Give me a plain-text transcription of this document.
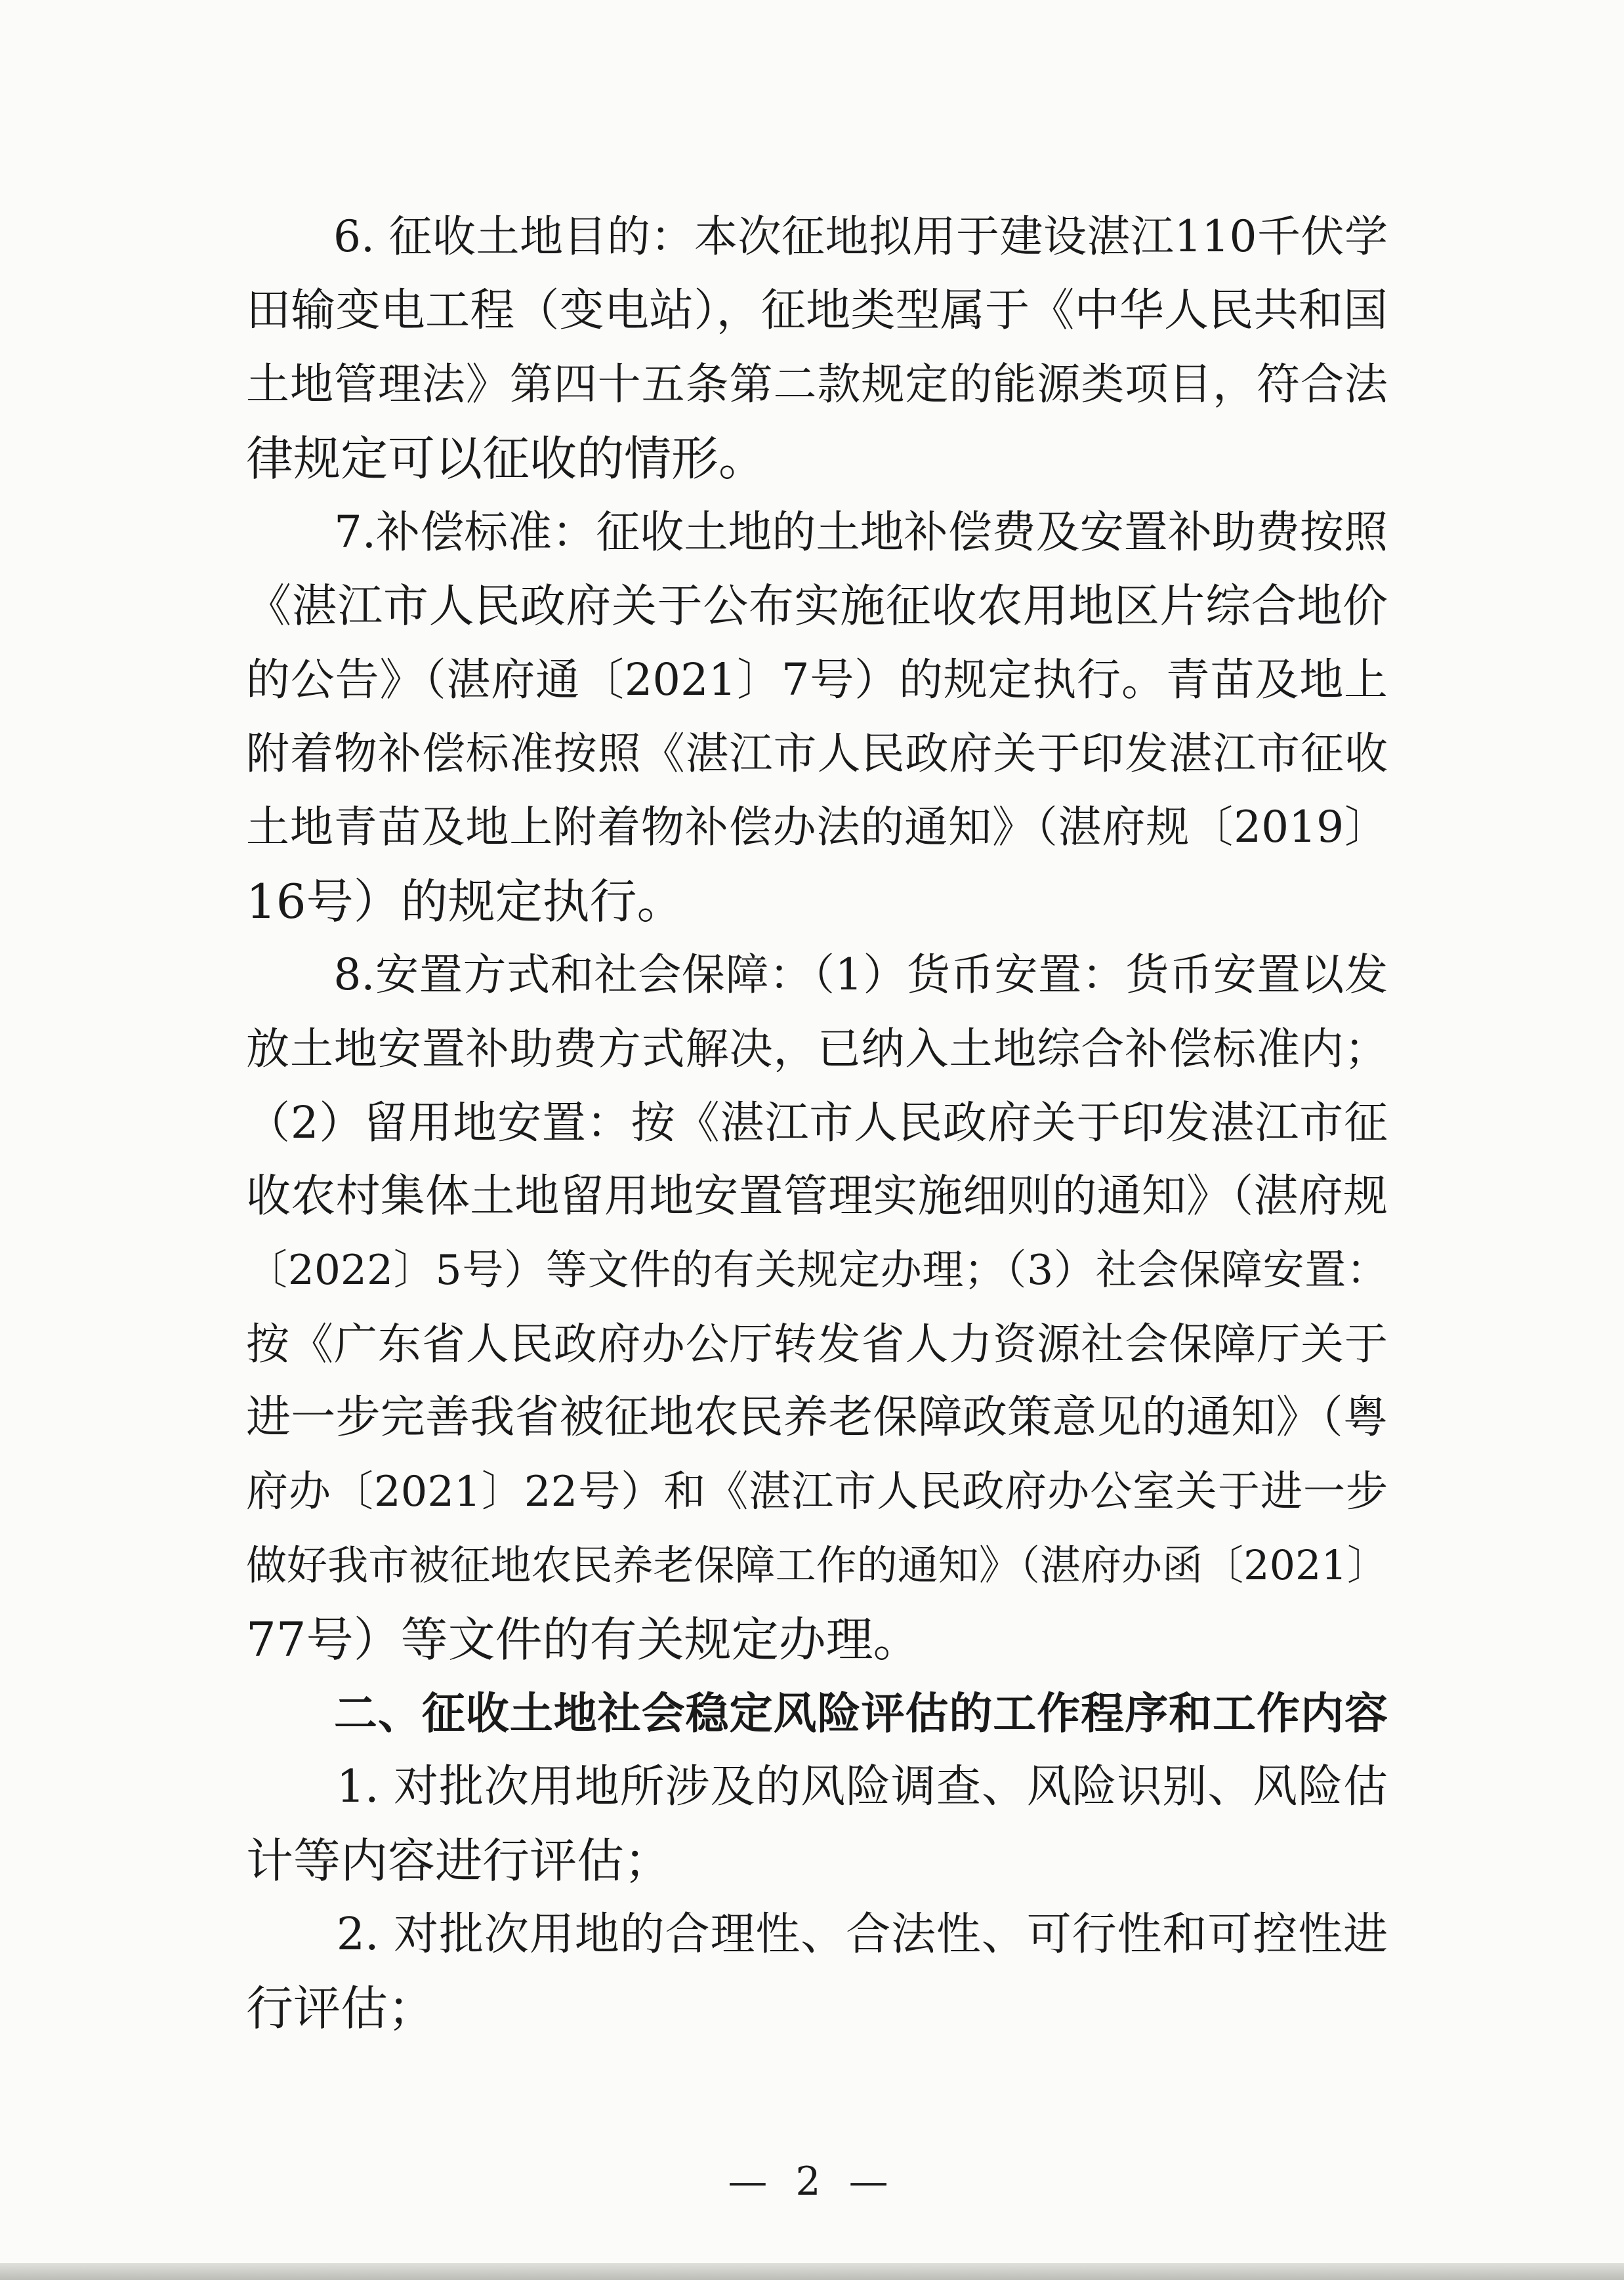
　　6. 征收土地目的：本次征地拟用于建设湛江110千伏学
田输变电工程（变电站），征地类型属于《中华人民共和国
土地管理法》第四十五条第二款规定的能源类项目，符合法
律规定可以征收的情形。
　　7.补偿标准：征收土地的土地补偿费及安置补助费按照
《湛江市人民政府关于公布实施征收农用地区片综合地价
的公告》（湛府通〔2021〕7号）的规定执行。青苗及地上
附着物补偿标准按照《湛江市人民政府关于印发湛江市征收
土地青苗及地上附着物补偿办法的通知》（湛府规〔2019〕
16号）的规定执行。
　　8.安置方式和社会保障：（1）货币安置：货币安置以发
放土地安置补助费方式解决，已纳入土地综合补偿标准内；
（2）留用地安置：按《湛江市人民政府关于印发湛江市征
收农村集体土地留用地安置管理实施细则的通知》（湛府规
〔2022〕5号）等文件的有关规定办理；（3）社会保障安置：
按《广东省人民政府办公厅转发省人力资源社会保障厅关于
进一步完善我省被征地农民养老保障政策意见的通知》（粤
府办〔2021〕22号）和《湛江市人民政府办公室关于进一步
做好我市被征地农民养老保障工作的通知》（湛府办函〔2021〕
77号）等文件的有关规定办理。
　　二、征收土地社会稳定风险评估的工作程序和工作内容
　　1. 对批次用地所涉及的风险调查、风险识别、风险估
计等内容进行评估；
　　2. 对批次用地的合理性、合法性、可行性和可控性进
行评估；
— 2 —
